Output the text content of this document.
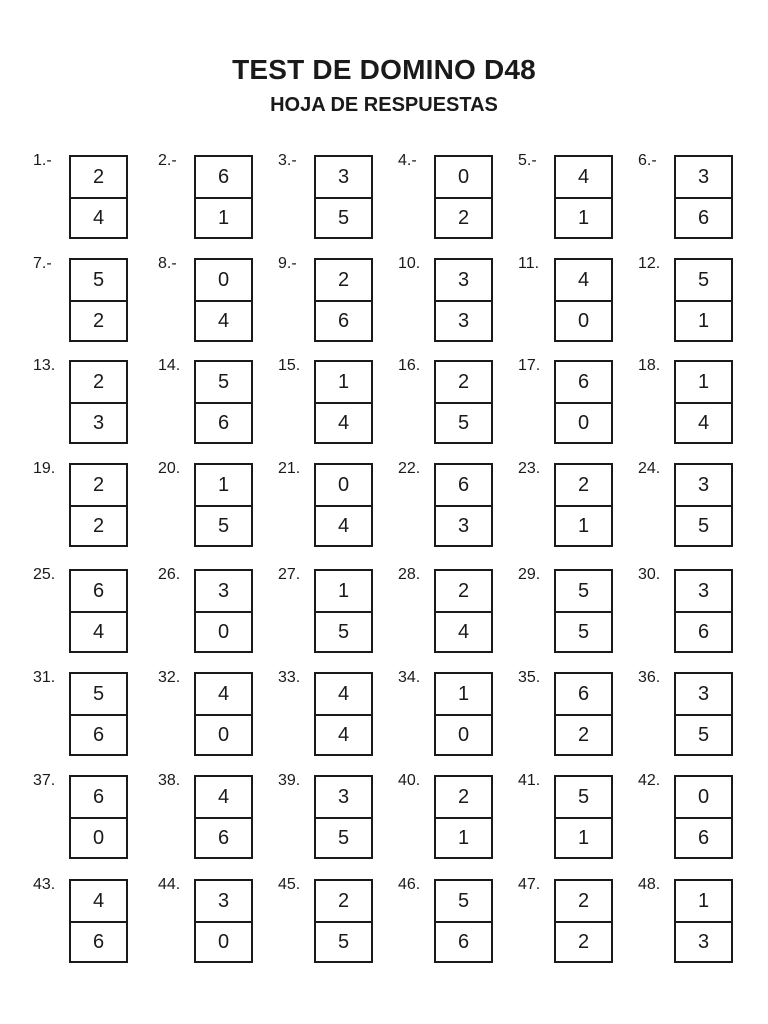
TEST DE DOMINO D48
HOJA DE RESPUESTAS
1.-
2
4
2.-
6
1
3.-
3
5
4.-
0
2
5.-
4
1
6.-
3
6
7.-
5
2
8.-
0
4
9.-
2
6
10.
3
3
11.
4
0
12.
5
1
13.
2
3
14.
5
6
15.
1
4
16.
2
5
17.
6
0
18.
1
4
19.
2
2
20.
1
5
21.
0
4
22.
6
3
23.
2
1
24.
3
5
25.
6
4
26.
3
0
27.
1
5
28.
2
4
29.
5
5
30.
3
6
31.
5
6
32.
4
0
33.
4
4
34.
1
0
35.
6
2
36.
3
5
37.
6
0
38.
4
6
39.
3
5
40.
2
1
41.
5
1
42.
0
6
43.
4
6
44.
3
0
45.
2
5
46.
5
6
47.
2
2
48.
1
3
